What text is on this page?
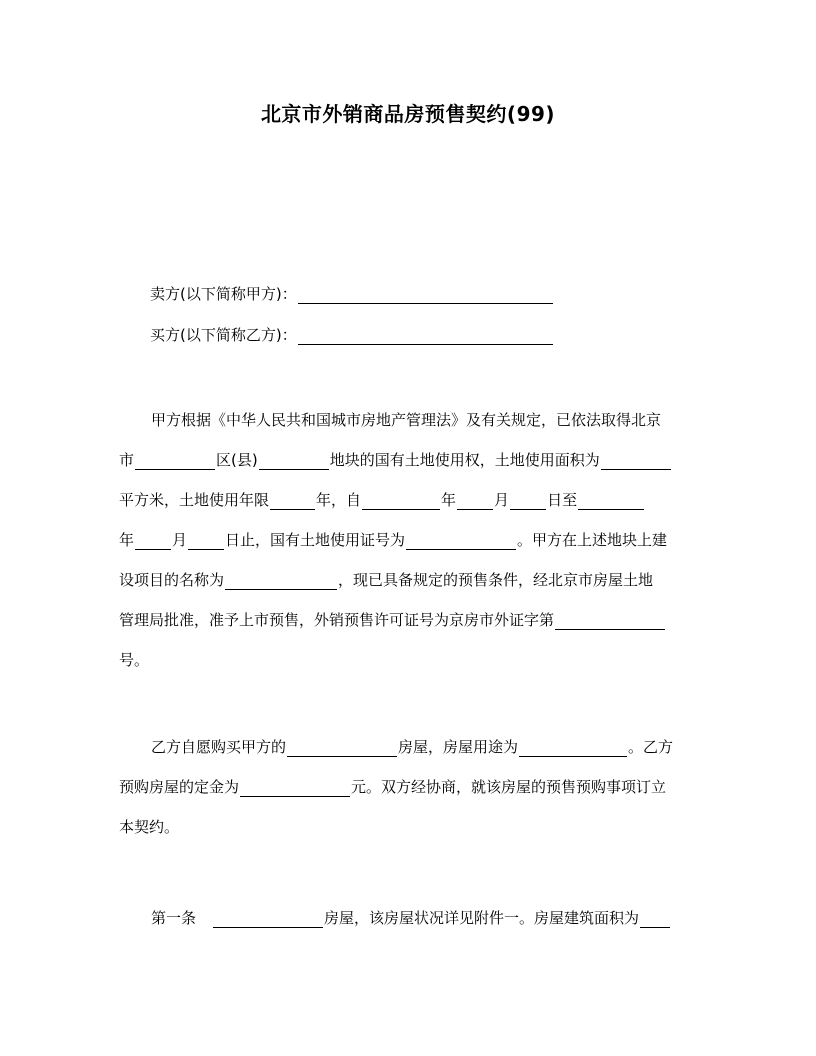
北京市外销商品房预售契约(99)
卖方(以下简称甲方)：
买方(以下简称乙方)：
甲方根据《中华人民共和国城市房地产管理法》及有关规定，已依法取得北京
市	区(县)	地块的国有土地使用权，土地使用面积为
平方米，土地使用年限	年，自	年	月	日至
年	月	日止，国有土地使用证号为	。甲方在上述地块上建
设项目的名称为	，现已具备规定的预售条件，经北京市房屋土地
管理局批准，准予上市预售，外销预售许可证号为京房市外证字第
号。
乙方自愿购买甲方的	房屋，房屋用途为	。乙方
预购房屋的定金为	元。双方经协商，就该房屋的预售预购事项订立
本契约。
第一条	房屋，该房屋状况详见附件一。房屋建筑面积为
